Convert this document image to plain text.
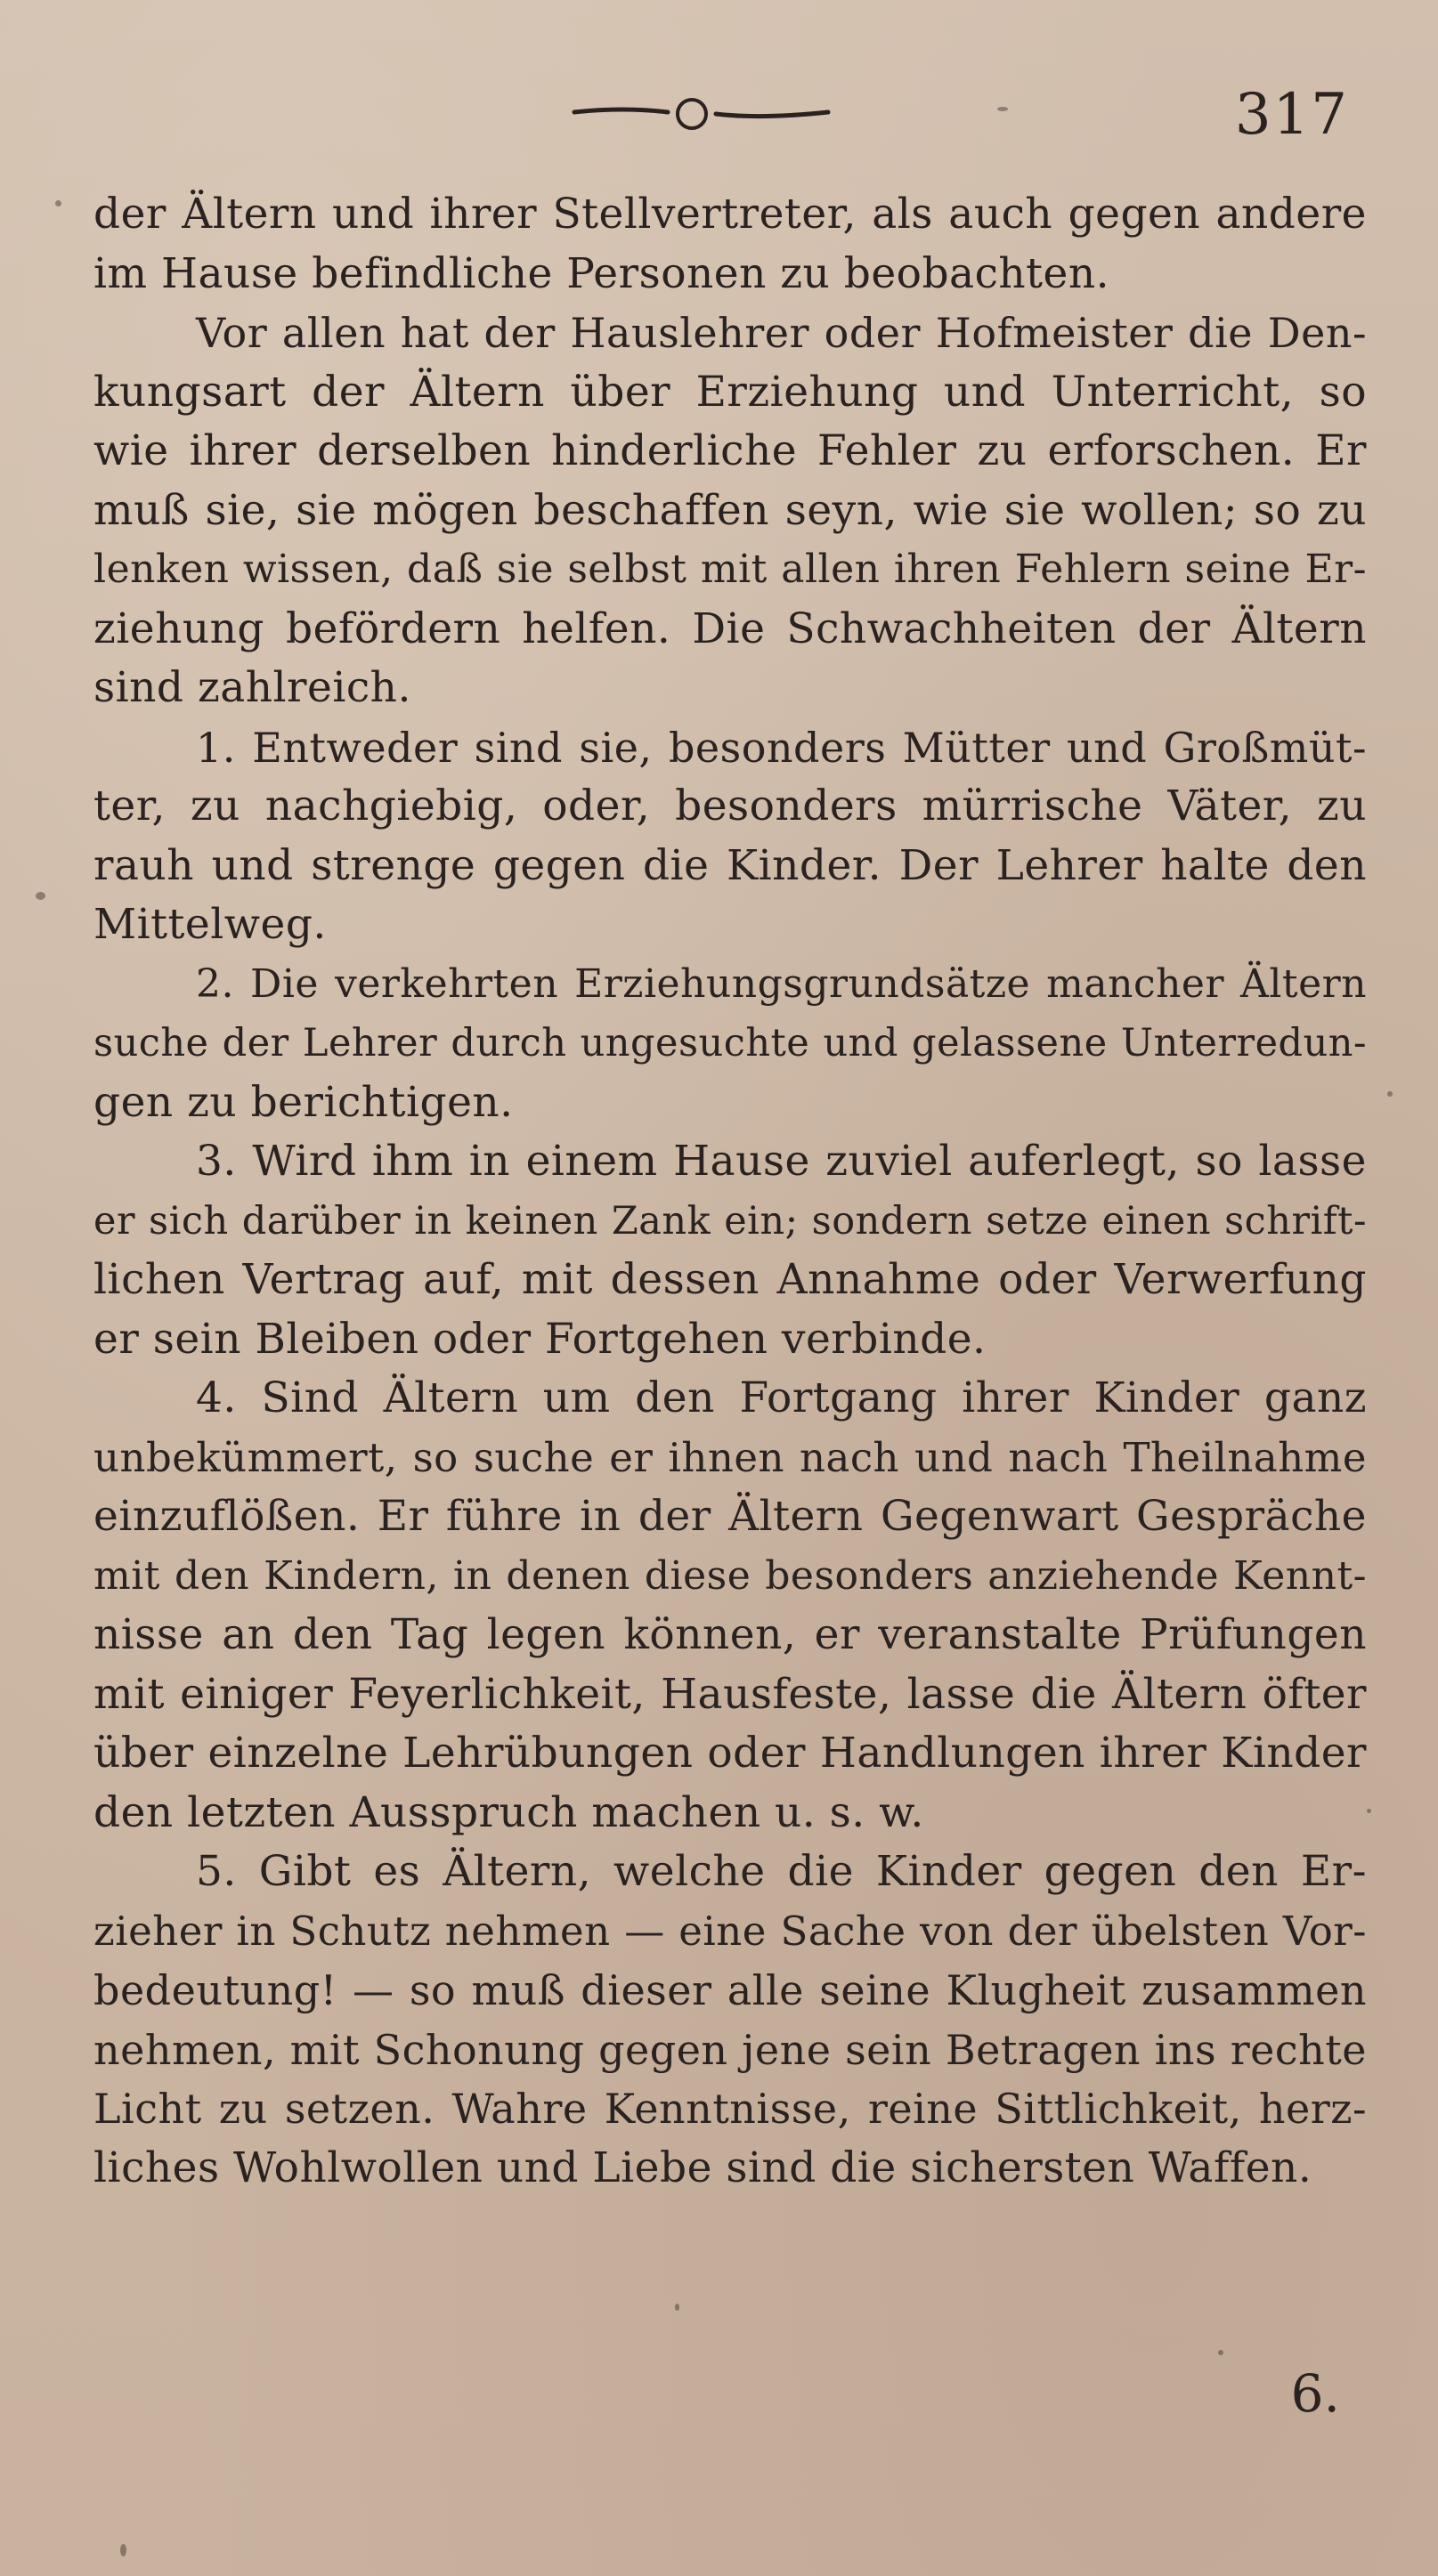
317
der Ältern und ihrer Stellvertreter, als auch gegen andere
im Hause befindliche Personen zu beobachten.
Vor allen hat der Hauslehrer oder Hofmeister die Den-
kungsart der Ältern über Erziehung und Unterricht, so
wie ihrer derselben hinderliche Fehler zu erforschen. Er
muß sie, sie mögen beschaffen seyn, wie sie wollen; so zu
lenken wissen, daß sie selbst mit allen ihren Fehlern seine Er-
ziehung befördern helfen. Die Schwachheiten der Ältern
sind zahlreich.
1. Entweder sind sie, besonders Mütter und Großmüt-
ter, zu nachgiebig, oder, besonders mürrische Väter, zu
rauh und strenge gegen die Kinder. Der Lehrer halte den
Mittelweg.
2. Die verkehrten Erziehungsgrundsätze mancher Ältern
suche der Lehrer durch ungesuchte und gelassene Unterredun-
gen zu berichtigen.
3. Wird ihm in einem Hause zuviel auferlegt, so lasse
er sich darüber in keinen Zank ein; sondern setze einen schrift-
lichen Vertrag auf, mit dessen Annahme oder Verwerfung
er sein Bleiben oder Fortgehen verbinde.
4. Sind Ältern um den Fortgang ihrer Kinder ganz
unbekümmert, so suche er ihnen nach und nach Theilnahme
einzuflößen. Er führe in der Ältern Gegenwart Gespräche
mit den Kindern, in denen diese besonders anziehende Kennt-
nisse an den Tag legen können, er veranstalte Prüfungen
mit einiger Feyerlichkeit, Hausfeste, lasse die Ältern öfter
über einzelne Lehrübungen oder Handlungen ihrer Kinder
den letzten Ausspruch machen u. s. w.
5. Gibt es Ältern, welche die Kinder gegen den Er-
zieher in Schutz nehmen — eine Sache von der übelsten Vor-
bedeutung! — so muß dieser alle seine Klugheit zusammen
nehmen, mit Schonung gegen jene sein Betragen ins rechte
Licht zu setzen. Wahre Kenntnisse, reine Sittlichkeit, herz-
liches Wohlwollen und Liebe sind die sichersten Waffen.
6.
